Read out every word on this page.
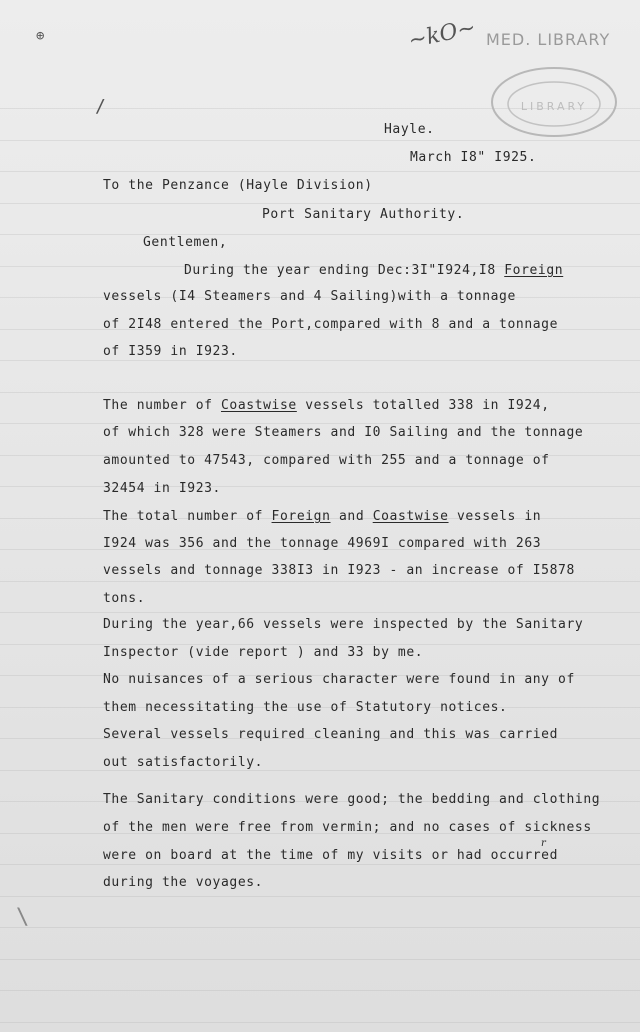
⊕
/
\
~kO~ MED. LIBRARY
LIBRARY
Hayle.
March I8" I925.
To the Penzance (Hayle Division)
Port Sanitary Authority.
Gentlemen,
During the year ending Dec:3I"I924,I8 Foreign
vessels (I4 Steamers and 4 Sailing)with a tonnage
of 2I48 entered the Port,compared with 8 and a tonnage
of I359 in I923.
The number of Coastwise vessels totalled 338 in I924,
of which 328 were Steamers and I0 Sailing and the tonnage
amounted to 47543, compared with 255 and a tonnage of
32454 in I923.
The total number of Foreign and Coastwise vessels in
I924 was 356 and the tonnage 4969I compared with 263
vessels and tonnage 338I3 in I923 - an increase of I5878
tons.
During the year,66 vessels were inspected by the Sanitary
Inspector (vide report ) and 33 by me.
No nuisances of a serious character were found in any of
them necessitating the use of Statutory notices.
Several vessels required cleaning and this was carried
out satisfactorily.
The Sanitary conditions were good; the bedding and clothing
of the men were free from vermin; and no cases of sickness
r
were on board at the time of my visits or had occurred
during the voyages.
